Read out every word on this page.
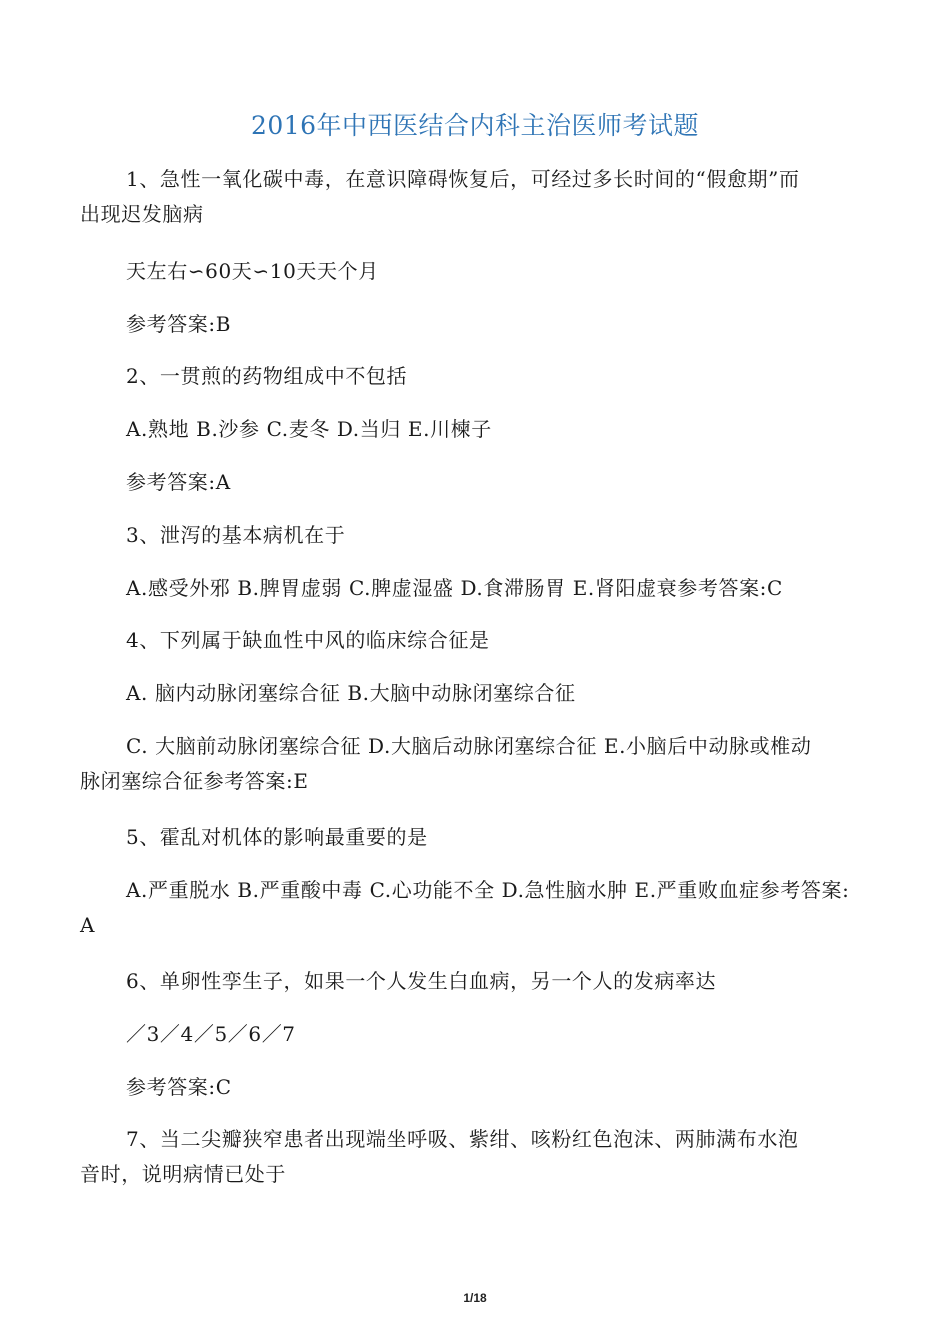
2016年中西医结合内科主治医师考试题
1、急性一氧化碳中毒，在意识障碍恢复后，可经过多长时间的“假愈期”而
出现迟发脑病
天左右∽60天∽10天天个月
参考答案:B
2、一贯煎的药物组成中不包括
A.熟地 B.沙参 C.麦冬 D.当归 E.川楝子
参考答案:A
3、泄泻的基本病机在于
A.感受外邪 B.脾胃虚弱 C.脾虚湿盛 D.食滞肠胃 E.肾阳虚衰参考答案:C
4、下列属于缺血性中风的临床综合征是
A. 脑内动脉闭塞综合征 B.大脑中动脉闭塞综合征
C. 大脑前动脉闭塞综合征 D.大脑后动脉闭塞综合征 E.小脑后中动脉或椎动
脉闭塞综合征参考答案:E
5、霍乱对机体的影响最重要的是
A.严重脱水 B.严重酸中毒 C.心功能不全 D.急性脑水肿 E.严重败血症参考答案:
A
6、单卵性孪生子，如果一个人发生白血病，另一个人的发病率达
／3／4／5／6／7
参考答案:C
7、当二尖瓣狭窄患者出现端坐呼吸、紫绀、咳粉红色泡沫、两肺满布水泡
音时，说明病情已处于
1/18
